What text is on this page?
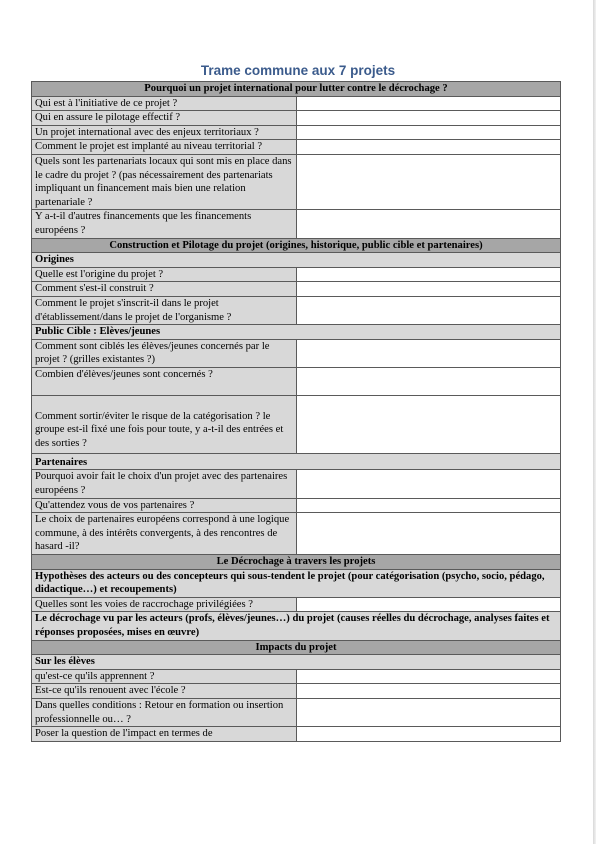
Trame commune aux 7 projets
Pourquoi un projet international pour lutter contre le décrochage ?	
Qui est à l'initiative de ce projet ?	
Qui en assure le pilotage effectif ?	
Un projet international avec des enjeux territoriaux ?	
Comment le projet est implanté au niveau territorial ?	
Quels sont les partenariats locaux qui sont mis en place dans le cadre du projet ? (pas nécessairement des partenariats impliquant un financement mais bien une relation partenariale ?	
Y a-t-il d'autres financements que les financements européens ?	
Construction et Pilotage du projet (origines, historique, public cible et partenaires)	
Origines	
Quelle est l'origine du projet ?	
Comment s'est-il construit ?	
Comment le projet s'inscrit-il dans le projet d'établissement/dans le projet de l'organisme ?	
Public Cible : Elèves/jeunes	
Comment sont ciblés les élèves/jeunes concernés par le projet ? (grilles existantes ?)	
Combien d'élèves/jeunes sont concernés ?	
Comment sortir/éviter le risque de la catégorisation ? le groupe est-il fixé une fois pour toute, y a-t-il des entrées et des sorties ?	
Partenaires	
Pourquoi avoir fait le choix d'un projet avec des partenaires européens ?	
Qu'attendez vous de vos partenaires ?	
Le choix de partenaires européens correspond à une logique commune, à des intérêts convergents, à des rencontres de hasard -il?	
Le Décrochage à travers les projets	
Hypothèses des acteurs ou des concepteurs qui sous-tendent le projet (pour catégorisation (psycho, socio, pédago, didactique…) et recoupements)	
Quelles sont les voies de raccrochage privilégiées ?	
Le décrochage vu par les acteurs (profs, élèves/jeunes…) du projet (causes réelles du décrochage, analyses faites et réponses proposées, mises en œuvre)	
Impacts du projet	
Sur les élèves	
qu'est-ce qu'ils apprennent ?	
Est-ce qu'ils renouent avec l'école ?	
Dans quelles conditions : Retour en formation ou insertion professionnelle ou… ?	
Poser la question de l'impact en termes de	
